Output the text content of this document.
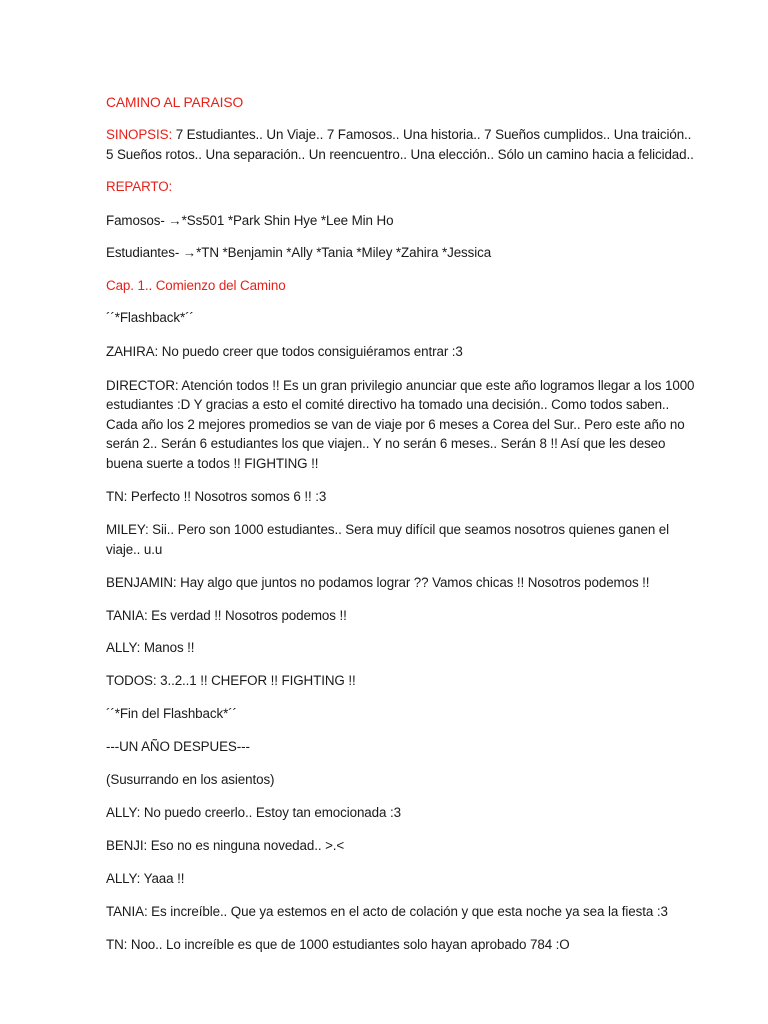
CAMINO AL PARAISO
SINOPSIS: 7 Estudiantes.. Un Viaje.. 7 Famosos.. Una historia.. 7 Sueños cumplidos.. Una traición..
5 Sueños rotos.. Una separación.. Un reencuentro.. Una elección.. Sólo un camino hacia a felicidad..
REPARTO:
Famosos- →*Ss501 *Park Shin Hye *Lee Min Ho
Estudiantes- →*TN *Benjamin *Ally *Tania *Miley *Zahira *Jessica
Cap. 1.. Comienzo del Camino
´´*Flashback*´´
ZAHIRA: No puedo creer que todos consiguiéramos entrar :3
DIRECTOR: Atención todos !! Es un gran privilegio anunciar que este año logramos llegar a los 1000
estudiantes :D Y gracias a esto el comité directivo ha tomado una decisión.. Como todos saben..
Cada año los 2 mejores promedios se van de viaje por 6 meses a Corea del Sur.. Pero este año no
serán 2.. Serán 6 estudiantes los que viajen.. Y no serán 6 meses.. Serán 8 !! Así que les deseo
buena suerte a todos !! FIGHTING !!
TN: Perfecto !! Nosotros somos 6 !! :3
MILEY: Sii.. Pero son 1000 estudiantes.. Sera muy difícil que seamos nosotros quienes ganen el
viaje.. u.u
BENJAMIN: Hay algo que juntos no podamos lograr ?? Vamos chicas !! Nosotros podemos !!
TANIA: Es verdad !! Nosotros podemos !!
ALLY: Manos !!
TODOS: 3..2..1 !! CHEFOR !! FIGHTING !!
´´*Fin del Flashback*´´
---UN AÑO DESPUES---
(Susurrando en los asientos)
ALLY: No puedo creerlo.. Estoy tan emocionada :3
BENJI: Eso no es ninguna novedad.. >.<
ALLY: Yaaa !!
TANIA: Es increíble.. Que ya estemos en el acto de colación y que esta noche ya sea la fiesta :3
TN: Noo.. Lo increíble es que de 1000 estudiantes solo hayan aprobado 784 :O
